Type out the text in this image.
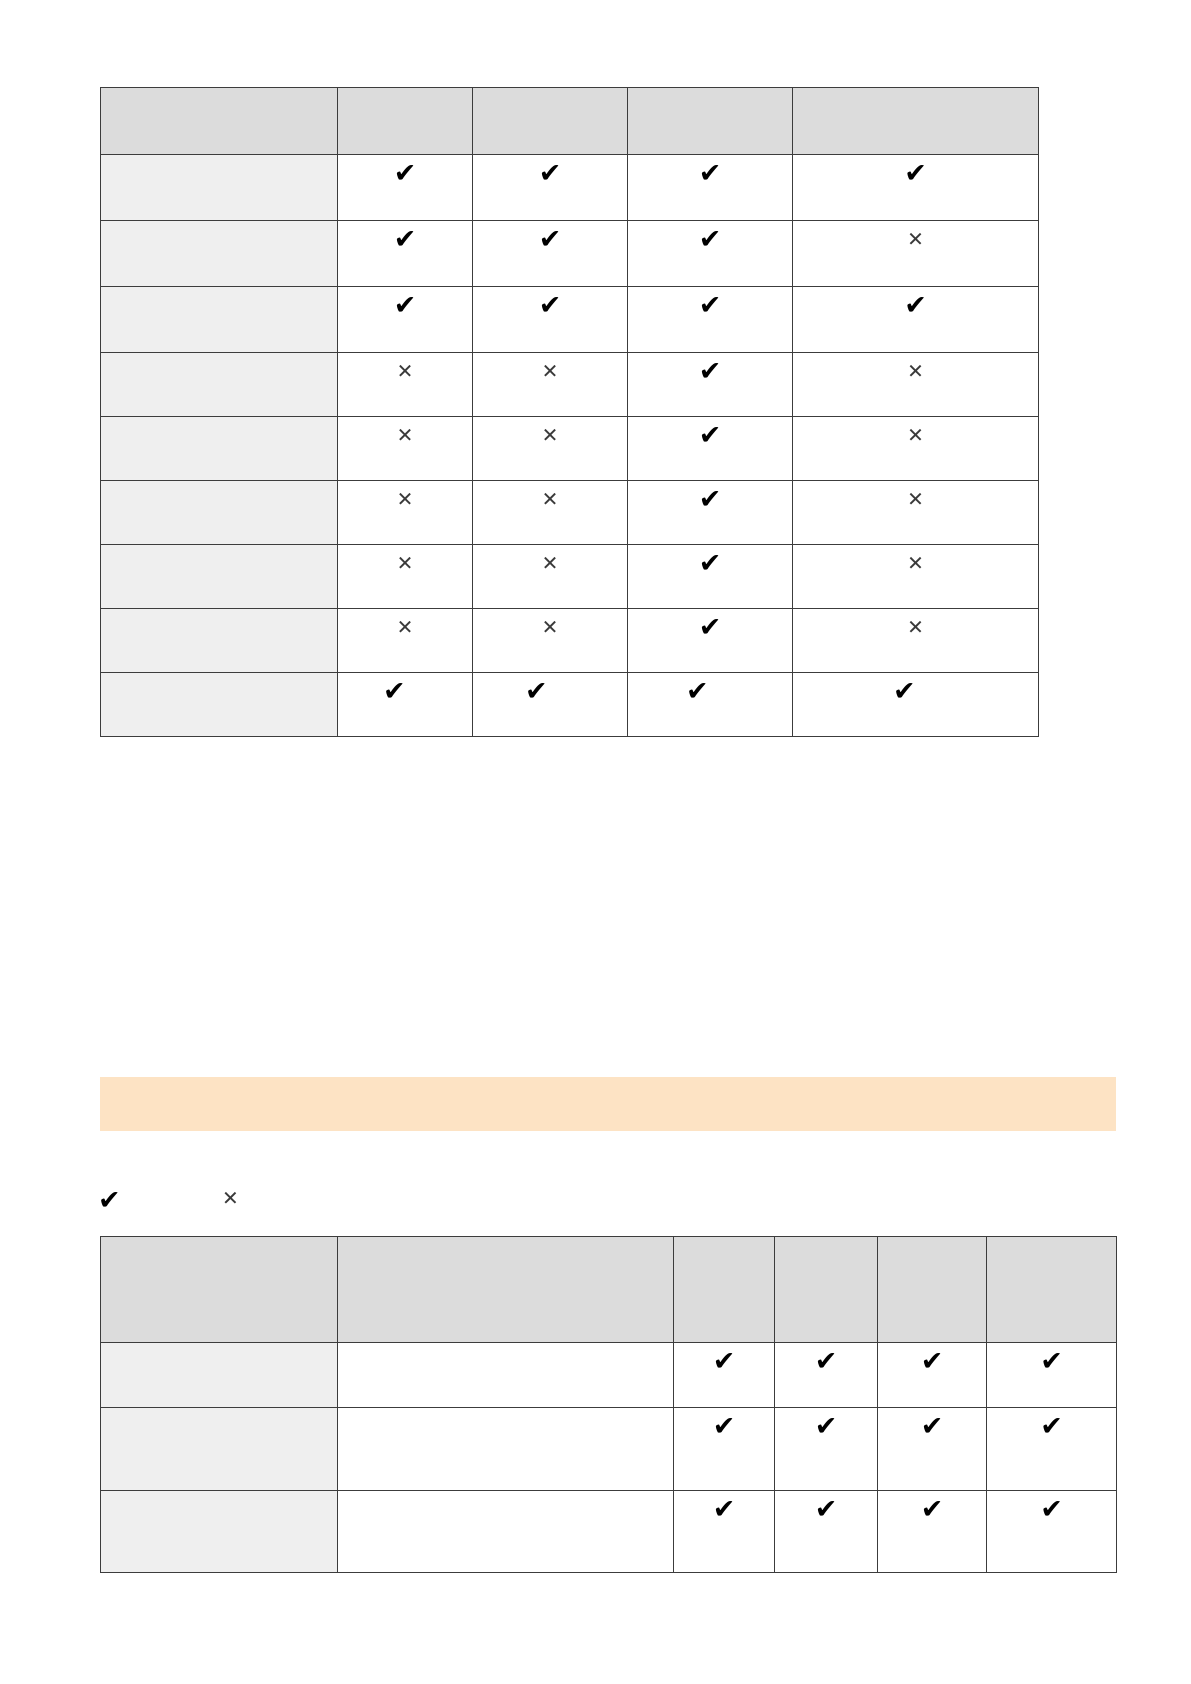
	✔	✔	✔	✔

	✔	✔	✔	✕

	✔	✔	✔	✔

	✕	✕	✔	✕

	✕	✕	✔	✕

	✕	✕	✔	✕

	✕	✕	✔	✕

	✕	✕	✔	✕

	✔	✔	✔	✔
✔	✕

		✔	✔	✔	✔

		✔	✔	✔	✔

		✔	✔	✔	✔
